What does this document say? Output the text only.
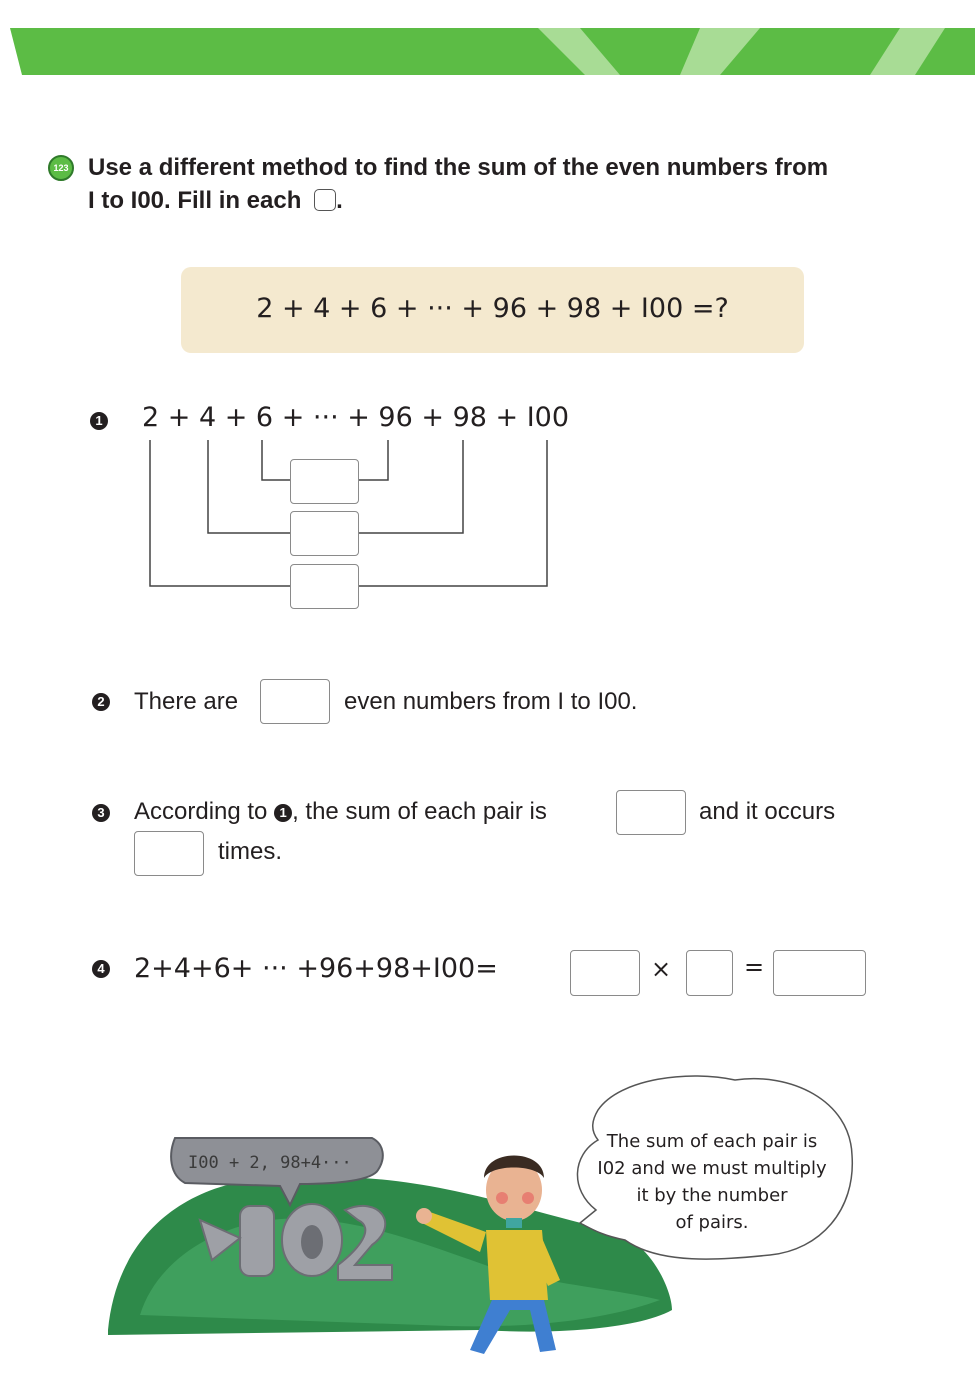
123 Use a different method to find the sum of the even numbers from
I to I00. Fill in each .
2 + 4 + 6 + ··· + 96 + 98 + I00 =?
1 2 + 4 + 6 + ··· + 96 + 98 + I00
2 There are	even numbers from I to I00.
3 According to 1 , the sum of each pair is	and it occurs
times.
4 2+4+6+ ··· +96+98+I00=	×	=
I00 + 2, 98+4···
The sum of each pair is
I02 and we must multiply
it by the number
of pairs.
